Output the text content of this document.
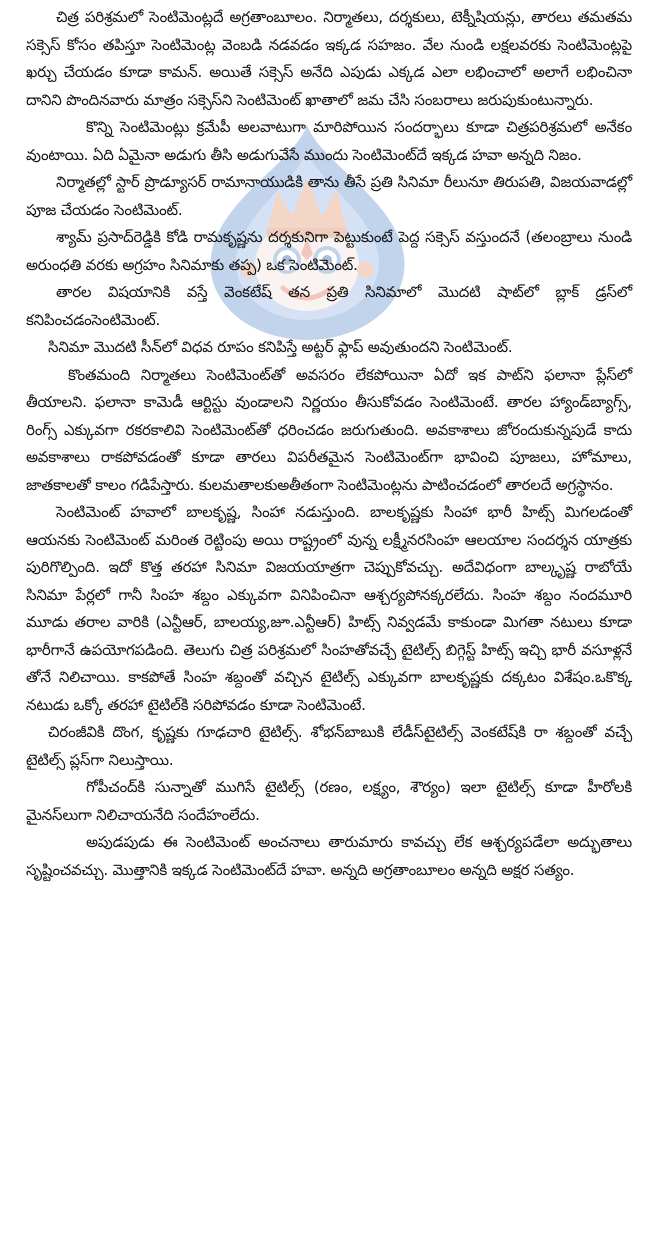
చిత్ర పరిశ్రమలో సెంటిమెంట్లదే అగ్రతాంబూలం. నిర్మాతలు, దర్శకులు, టెక్నీషియన్లు, తారలు తమతమ సక్సెస్ కోసం తపిస్తూ సెంటిమెంట్ల వెంబడి నడవడం ఇక్కడ సహజం. వేల నుండి లక్షలవరకు సెంటిమెంట్లపై ఖర్చు చేయడం కూడా కామన్. అయితే సక్సెస్ అనేది ఎపుడు ఎక్కడ ఎలా లభించాలో అలాగే లభించినా దానిని పొందినవారు మాత్రం సక్సెస్‌ని సెంటిమెంట్ ఖాతాలో జమ చేసి సంబరాలు జరుపుకుంటున్నారు.

కొన్ని సెంటిమెంట్లు క్రమేపీ అలవాటుగా మారిపోయిన సందర్భాలు కూడా చిత్రపరిశ్రమలో అనేకం వుంటాయి. ఏది ఏమైనా అడుగు తీసి అడుగువేసే ముందు సెంటిమెంట్‌దే ఇక్కడ హవా అన్నది నిజం.

నిర్మాతల్లో స్టార్ ప్రొడ్యూసర్ రామానాయుడికి తాను తీసే ప్రతి సినిమా రీలునూ తిరుపతి, విజయవాడల్లో పూజ చేయడం సెంటిమెంట్.

శ్యామ్ ప్రసాద్‌రెడ్డికి కోడి రామకృష్ణను దర్శకునిగా పెట్టుకుంటే పెద్ద సక్సెస్ వస్తుందనే (తలంబ్రాలు నుండి అరుంధతి వరకు అగ్రహం సినిమాకు తప్ప) ఒక సెంటిమెంట్.

తారల విషయానికి వస్తే వెంకటేష్ తన ప్రతి సినిమాలో మొదటి షాట్‌లో బ్లాక్ డ్రస్‌లో కనిపించడంసెంటిమెంట్.

సినిమా మొదటి సీన్‌లో విధవ రూపం కనిపిస్తే అట్టర్ ఫ్లాప్ అవుతుందని సెంటిమెంట్.

కొంతమంది నిర్మాతలు సెంటిమెంట్‌తో అవసరం లేకపోయినా ఏదో ఇక పాట్‌ని ఫలానా ప్లేస్‌లో తీయాలని. ఫలానా కామెడీ ఆర్టిస్టు వుండాలని నిర్ణయం తీసుకోవడం సెంటిమెంటే. తారల హ్యాండ్‌బ్యాగ్స్, రింగ్స్ ఎక్కువగా రకరకాలివి సెంటిమెంట్‌తో ధరించడం జరుగుతుంది. అవకాశాలు జోరందుకున్నపుడే కాదు అవకాశాలు రాకపోవడంతో కూడా తారలు విపరీతమైన సెంటిమెంట్‌గా భావించి పూజలు, హోమాలు, జాతకాలతో కాలం గడిపేస్తారు. కులమతాలకుఅతీతంగా సెంటిమెంట్లను పాటించడంలో తారలదే అగ్రస్థానం.

సెంటిమెంట్ హవాలో బాలకృష్ణ, సింహా నడుస్తుంది. బాలకృష్ణకు సింహా భారీ హిట్స్ మిగలడంతో ఆయనకు సెంటిమెంట్ మరింత రెట్టింపు అయి రాష్ట్రంలో వున్న లక్ష్మీనరసింహ ఆలయాల సందర్శన యాత్రకు పురిగొల్పింది. ఇదో కొత్త తరహా సినిమా విజయయాత్రగా చెప్పుకోవచ్చు. అదేవిధంగా బాల్కృష్ణ రాబోయే సినిమా పేర్లలో గానీ సింహ శబ్దం ఎక్కువగా వినిపించినా ఆశ్చర్యపోనక్కరలేదు. సింహ శబ్దం నందమూరి మూడు తరాల వారికి (ఎన్టీఆర్, బాలయ్య,జూ.ఎన్టీఆర్) హిట్స్ నివ్వడమే కాకుండా మిగతా నటులు కూడా భారీగానే ఉపయోగపడింది. తెలుగు చిత్ర పరిశ్రమలో సింహతోవచ్చే టైటిల్స్ బిగ్గెస్ట్ హిట్స్ ఇచ్చి భారీ వసూళ్లనే తోనే నిలిచాయి. కాకపోతే సింహ శబ్దంతో వచ్చిన టైటిల్స్ ఎక్కువగా బాలకృష్ణకు దక్కటం విశేషం.ఒకొక్క నటుడు ఒక్కో తరహా టైటిల్‌కి సరిపోవడం కూడా సెంటిమెంటే.

చిరంజీవికి దొంగ, కృష్ణకు గూఢచారి టైటిల్స్. శోభన్‌బాబుకి లేడీస్‌టైటిల్స్ వెంకటేష్‌కి రా శబ్దంతో వచ్చే టైటిల్స్ ప్లస్‌గా నిలుస్తాయి.

గోపీచంద్‌కి సున్నాతో ముగిసే టైటిల్స్ (రణం, లక్ష్యం, శౌర్యం) ఇలా టైటిల్స్ కూడా హీరోలకి మైనస్‌లుగా నిలిచాయనేది సందేహంలేదు.

అపుడపుడు ఈ సెంటిమెంట్ అంచనాలు తారుమారు కావచ్చు లేక ఆశ్చర్యపడేలా అద్భుతాలు సృష్టించవచ్చు. మొత్తానికి ఇక్కడ సెంటిమెంట్‌దే హవా. అన్నది అగ్రతాంబూలం అన్నది అక్షర సత్యం.
